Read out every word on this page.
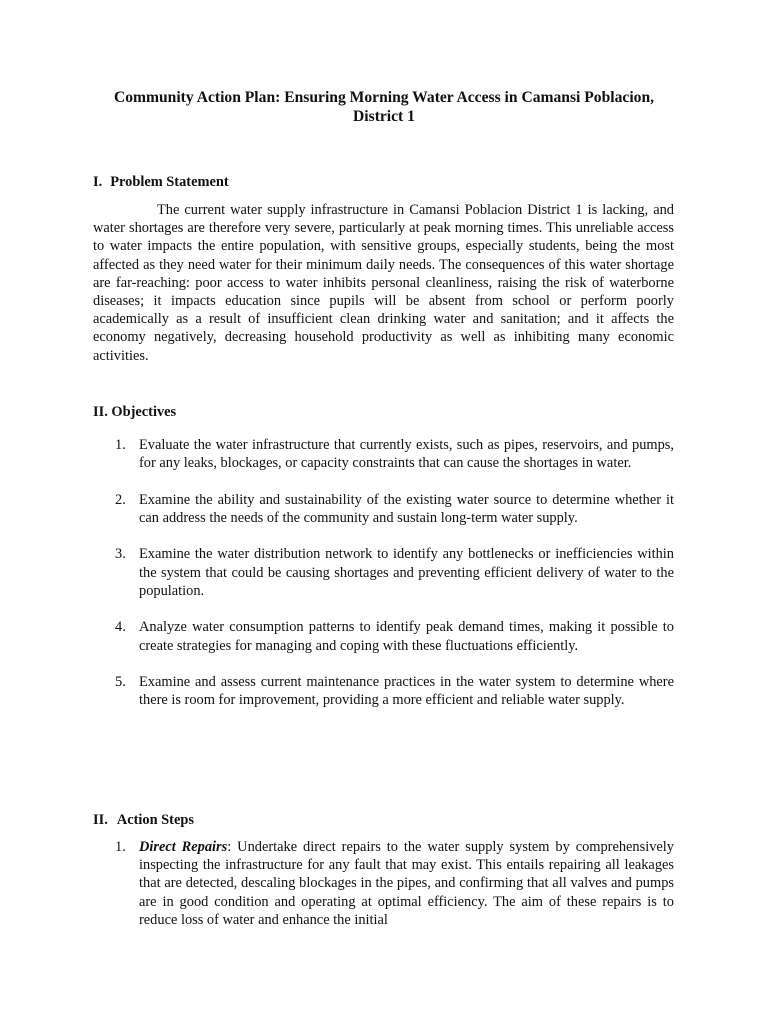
Community Action Plan: Ensuring Morning Water Access in Camansi Poblacion, District 1
I. Problem Statement

The current water supply infrastructure in Camansi Poblacion District 1 is lacking, and water shortages are therefore very severe, particularly at peak morning times. This unreliable access to water impacts the entire population, with sensitive groups, especially students, being the most affected as they need water for their minimum daily needs. The consequences of this water shortage are far-reaching: poor access to water inhibits personal cleanliness, raising the risk of waterborne diseases; it impacts education since pupils will be absent from school or perform poorly academically as a result of insufficient clean drinking water and sanitation; and it affects the economy negatively, decreasing household productivity as well as inhibiting many economic activities.

II. Objectives
1. Evaluate the water infrastructure that currently exists, such as pipes, reservoirs, and pumps, for any leaks, blockages, or capacity constraints that can cause the shortages in water.
2. Examine the ability and sustainability of the existing water source to determine whether it can address the needs of the community and sustain long-term water supply.
3. Examine the water distribution network to identify any bottlenecks or inefficiencies within the system that could be causing shortages and preventing efficient delivery of water to the population.
4. Analyze water consumption patterns to identify peak demand times, making it possible to create strategies for managing and coping with these fluctuations efficiently.
5. Examine and assess current maintenance practices in the water system to determine where there is room for improvement, providing a more efficient and reliable water supply.
II. Action Steps
1. Direct Repairs: Undertake direct repairs to the water supply system by comprehensively inspecting the infrastructure for any fault that may exist. This entails repairing all leakages that are detected, descaling blockages in the pipes, and confirming that all valves and pumps are in good condition and operating at optimal efficiency. The aim of these repairs is to reduce loss of water and enhance the initial
